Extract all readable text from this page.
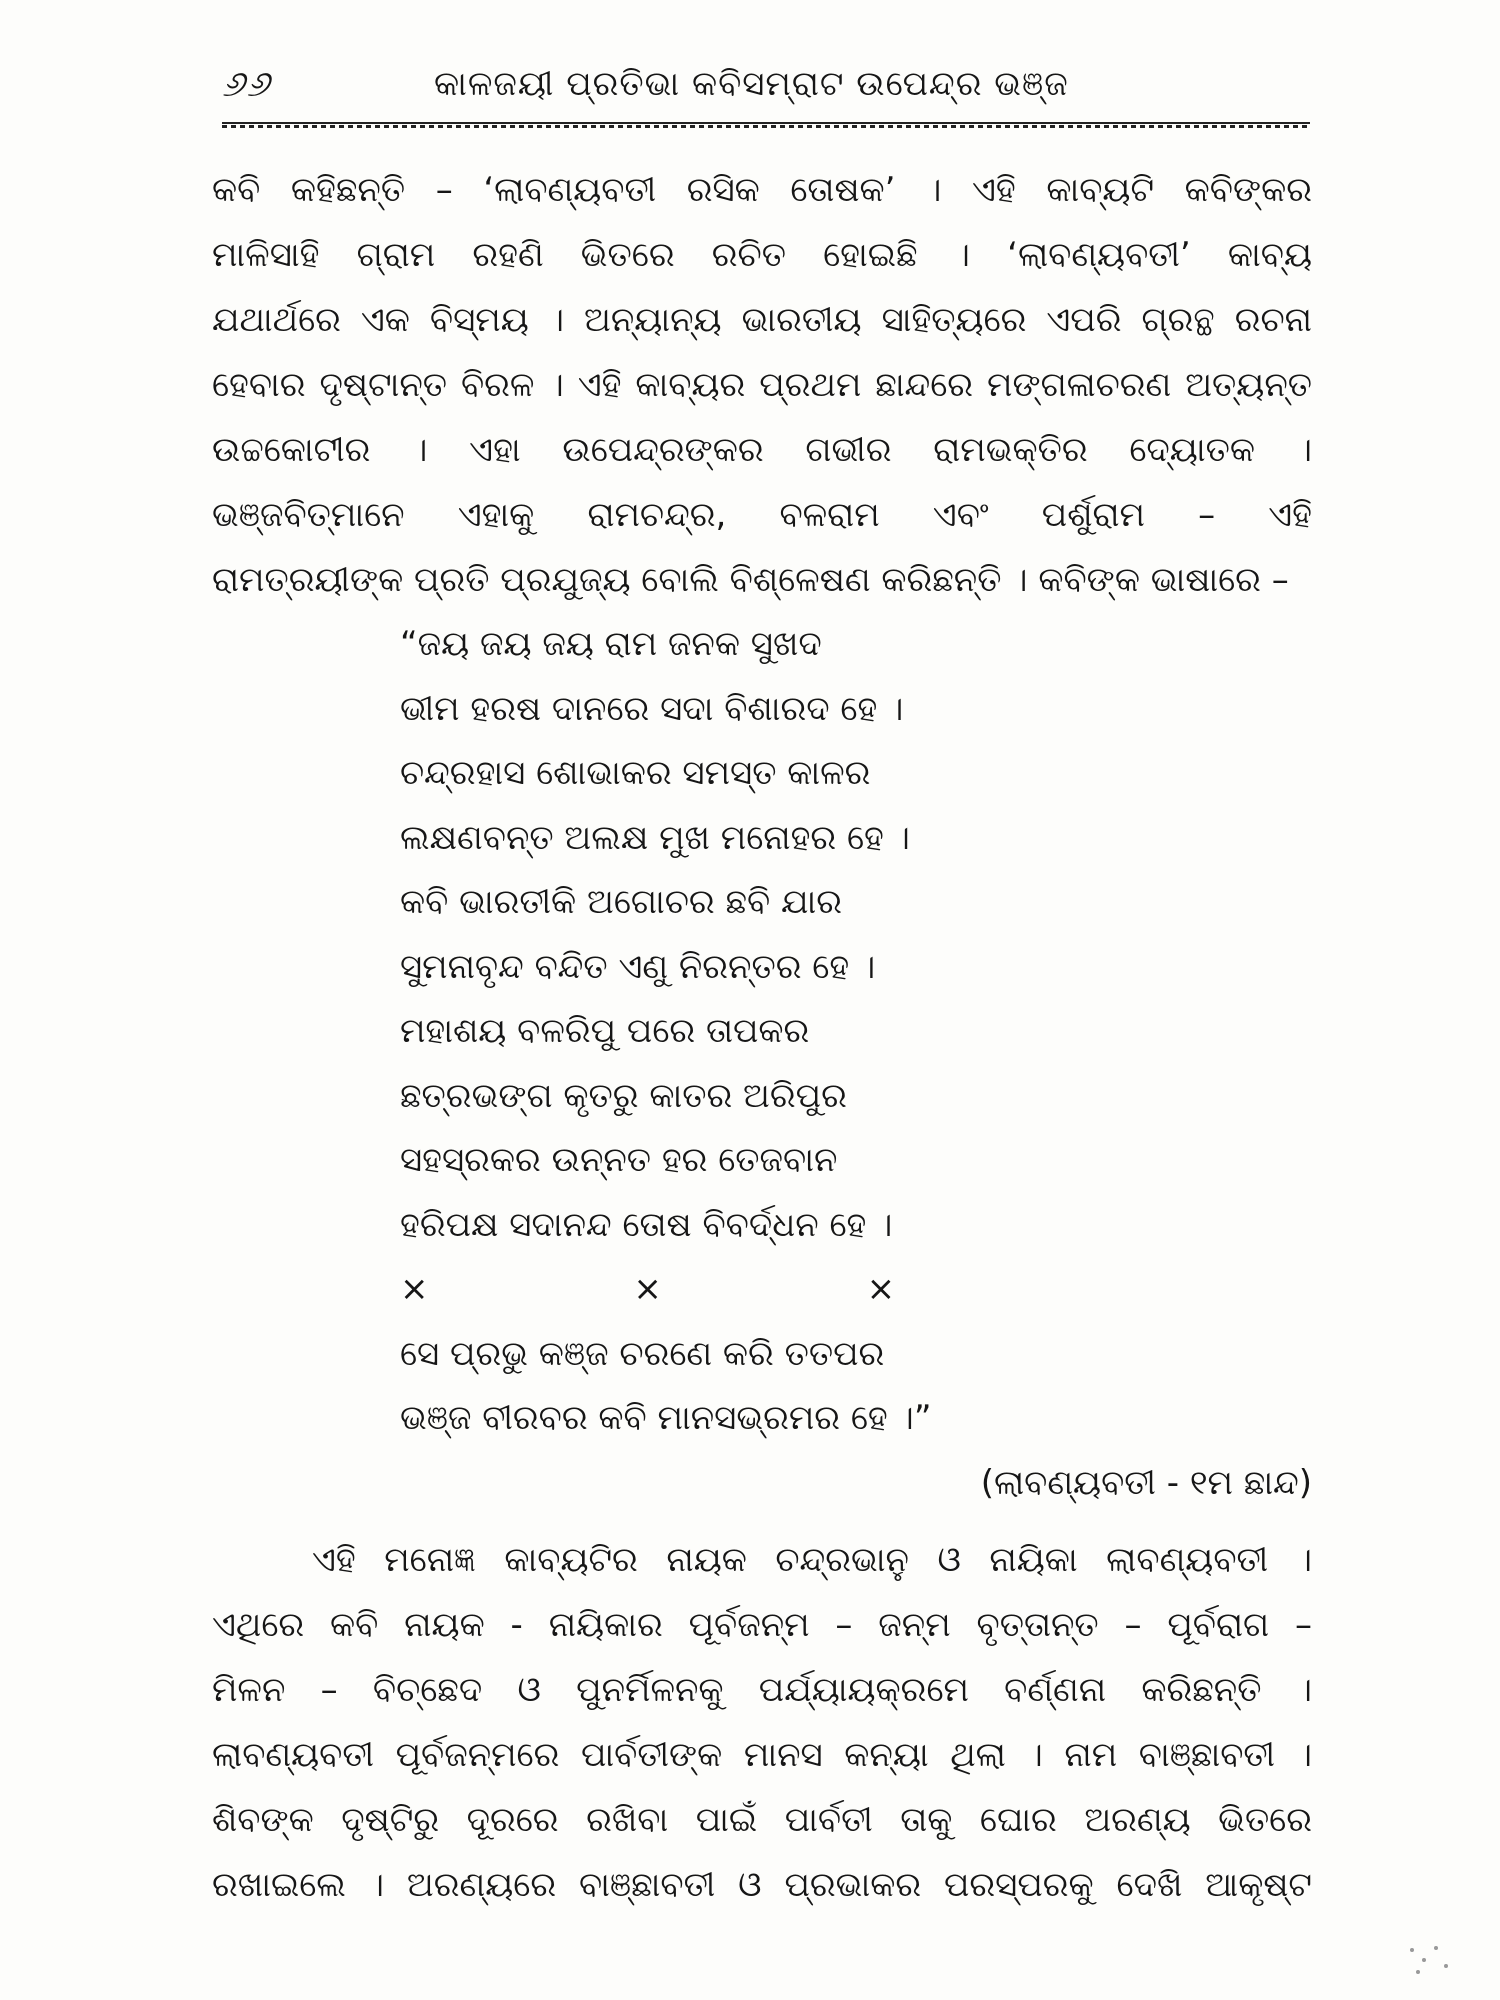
୬୬	କାଳଜୟୀ ପ୍ରତିଭା କବିସମ୍ରାଟ ଉପେନ୍ଦ୍ର ଭଞ୍ଜ
କବି କହିଛନ୍ତି – ‘ଲାବଣ୍ୟବତୀ ରସିକ ତୋଷକ’ । ଏହି କାବ୍ୟଟି କବିଙ୍କର
ମାଳିସାହି ଗ୍ରାମ ରହଣି ଭିତରେ ରଚିତ ହୋଇଛି । ‘ଲାବଣ୍ୟବତୀ’ କାବ୍ୟ
ଯଥାର୍ଥରେ ଏକ ବିସ୍ମୟ । ଅନ୍ୟାନ୍ୟ ଭାରତୀୟ ସାହିତ୍ୟରେ ଏପରି ଗ୍ରନ୍ଥ ରଚନା
ହେବାର ଦୃଷ୍ଟାନ୍ତ ବିରଳ । ଏହି କାବ୍ୟର ପ୍ରଥମ ଛାନ୍ଦରେ ମଙ୍ଗଳାଚରଣ ଅତ୍ୟନ୍ତ
ଉଚ୍ଚକୋଟୀର । ଏହା ଉପେନ୍ଦ୍ରଙ୍କର ଗଭୀର ରାମଭକ୍ତିର ଦ୍ୟୋତକ ।
ଭଞ୍ଜବିତ୍‌ମାନେ ଏହାକୁ ରାମଚନ୍ଦ୍ର, ବଳରାମ ଏବଂ ପର୍ଶୁରାମ – ଏହି
ରାମତ୍ରୟୀଙ୍କ ପ୍ରତି ପ୍ରଯୁଜ୍ୟ ବୋଲି ବିଶ୍ଳେଷଣ କରିଛନ୍ତି । କବିଙ୍କ ଭାଷାରେ –
“ଜୟ ଜୟ ଜୟ ରାମ ଜନକ ସୁଖଦ
ଭୀମ ହରଷ ଦାନରେ ସଦା ବିଶାରଦ ହେ ।
ଚନ୍ଦ୍ରହାସ ଶୋଭାକର ସମସ୍ତ କାଳର
ଲକ୍ଷଣବନ୍ତ ଅଲକ୍ଷ ମୁଖ ମନୋହର ହେ ।
କବି ଭାରତୀକି ଅଗୋଚର ଛବି ଯାର
ସୁମନାବୃନ୍ଦ ବନ୍ଦିତ ଏଣୁ ନିରନ୍ତର ହେ ।
ମହାଶୟ ବଳରିପୁ ପରେ ତାପକର
ଛତ୍ରଭଙ୍ଗ କୃତରୁ କାତର ଅରିପୁର
ସହସ୍ରକର ଉନ୍ନତ ହର ତେଜବାନ
ହରିପକ୍ଷ ସଦାନନ୍ଦ ତୋଷ ବିବର୍ଦ୍ଧନ ହେ ।
×	×	×
ସେ ପ୍ରଭୁ କଞ୍ଜ ଚରଣେ କରି ତତପର
ଭଞ୍ଜ ବୀରବର କବି ମାନସଭ୍ରମର ହେ ।”
(ଲାବଣ୍ୟବତୀ - ୧ମ ଛାନ୍ଦ)
ଏହି ମନୋଜ୍ଞ କାବ୍ୟଟିର ନାୟକ ଚନ୍ଦ୍ରଭାନୁ ଓ ନାୟିକା ଲାବଣ୍ୟବତୀ ।
ଏଥିରେ କବି ନାୟକ - ନାୟିକାର ପୂର୍ବଜନ୍ମ – ଜନ୍ମ ବୃତ୍ତାନ୍ତ – ପୂର୍ବରାଗ –
ମିଳନ – ବିଚ୍ଛେଦ ଓ ପୁନର୍ମିଳନକୁ ପର୍ଯ୍ୟାୟକ୍ରମେ ବର୍ଣ୍ଣନା କରିଛନ୍ତି ।
ଲାବଣ୍ୟବତୀ ପୂର୍ବଜନ୍ମରେ ପାର୍ବତୀଙ୍କ ମାନସ କନ୍ୟା ଥିଲା । ନାମ ବାଞ୍ଛାବତୀ ।
ଶିବଙ୍କ ଦୃଷ୍ଟିରୁ ଦୂରରେ ରଖିବା ପାଇଁ ପାର୍ବତୀ ତାକୁ ଘୋର ଅରଣ୍ୟ ଭିତରେ
ରଖାଇଲେ । ଅରଣ୍ୟରେ ବାଞ୍ଛାବତୀ ଓ ପ୍ରଭାକର ପରସ୍ପରକୁ ଦେଖି ଆକୃଷ୍ଟ
